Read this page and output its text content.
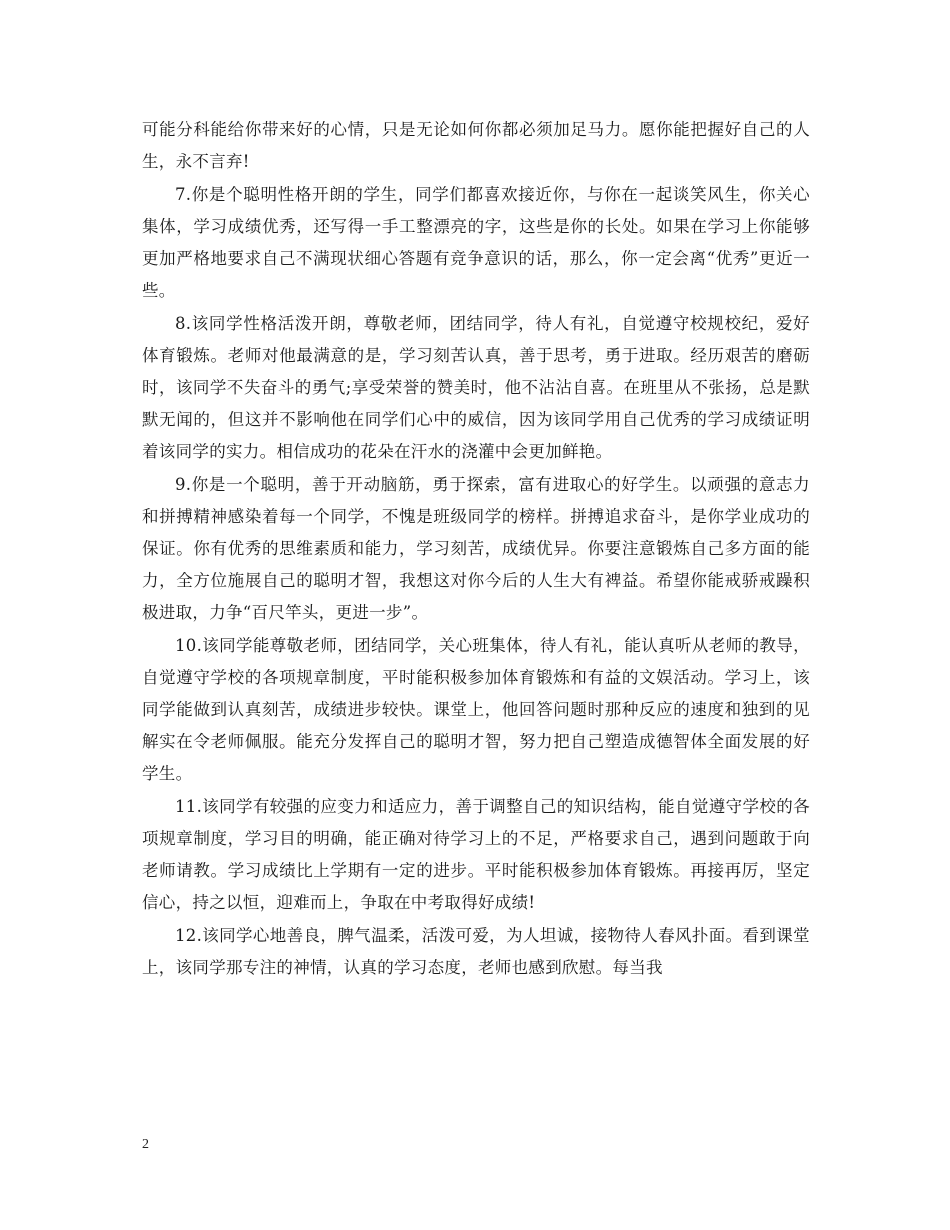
可能分科能给你带来好的心情，只是无论如何你都必须加足马力。愿你能把握好自己的人生，永不言弃!

7.你是个聪明性格开朗的学生，同学们都喜欢接近你，与你在一起谈笑风生，你关心集体，学习成绩优秀，还写得一手工整漂亮的字，这些是你的长处。如果在学习上你能够更加严格地要求自己不满现状细心答题有竞争意识的话，那么，你一定会离“优秀”更近一些。

8.该同学性格活泼开朗，尊敬老师，团结同学，待人有礼，自觉遵守校规校纪，爱好体育锻炼。老师对他最满意的是，学习刻苦认真，善于思考，勇于进取。经历艰苦的磨砺时，该同学不失奋斗的勇气;享受荣誉的赞美时，他不沾沾自喜。在班里从不张扬，总是默默无闻的，但这并不影响他在同学们心中的威信，因为该同学用自己优秀的学习成绩证明着该同学的实力。相信成功的花朵在汗水的浇灌中会更加鲜艳。

9.你是一个聪明，善于开动脑筋，勇于探索，富有进取心的好学生。以顽强的意志力和拼搏精神感染着每一个同学，不愧是班级同学的榜样。拼搏追求奋斗，是你学业成功的保证。你有优秀的思维素质和能力，学习刻苦，成绩优异。你要注意锻炼自己多方面的能力，全方位施展自己的聪明才智，我想这对你今后的人生大有裨益。希望你能戒骄戒躁积极进取，力争“百尺竿头，更进一步”。

10.该同学能尊敬老师，团结同学，关心班集体，待人有礼，能认真听从老师的教导，自觉遵守学校的各项规章制度，平时能积极参加体育锻炼和有益的文娱活动。学习上，该同学能做到认真刻苦，成绩进步较快。课堂上，他回答问题时那种反应的速度和独到的见解实在令老师佩服。能充分发挥自己的聪明才智，努力把自己塑造成德智体全面发展的好学生。

11.该同学有较强的应变力和适应力，善于调整自己的知识结构，能自觉遵守学校的各项规章制度，学习目的明确，能正确对待学习上的不足，严格要求自己，遇到问题敢于向老师请教。学习成绩比上学期有一定的进步。平时能积极参加体育锻炼。再接再厉，坚定信心，持之以恒，迎难而上，争取在中考取得好成绩!

12.该同学心地善良，脾气温柔，活泼可爱，为人坦诚，接物待人春风扑面。看到课堂上，该同学那专注的神情，认真的学习态度，老师也感到欣慰。每当我

2
